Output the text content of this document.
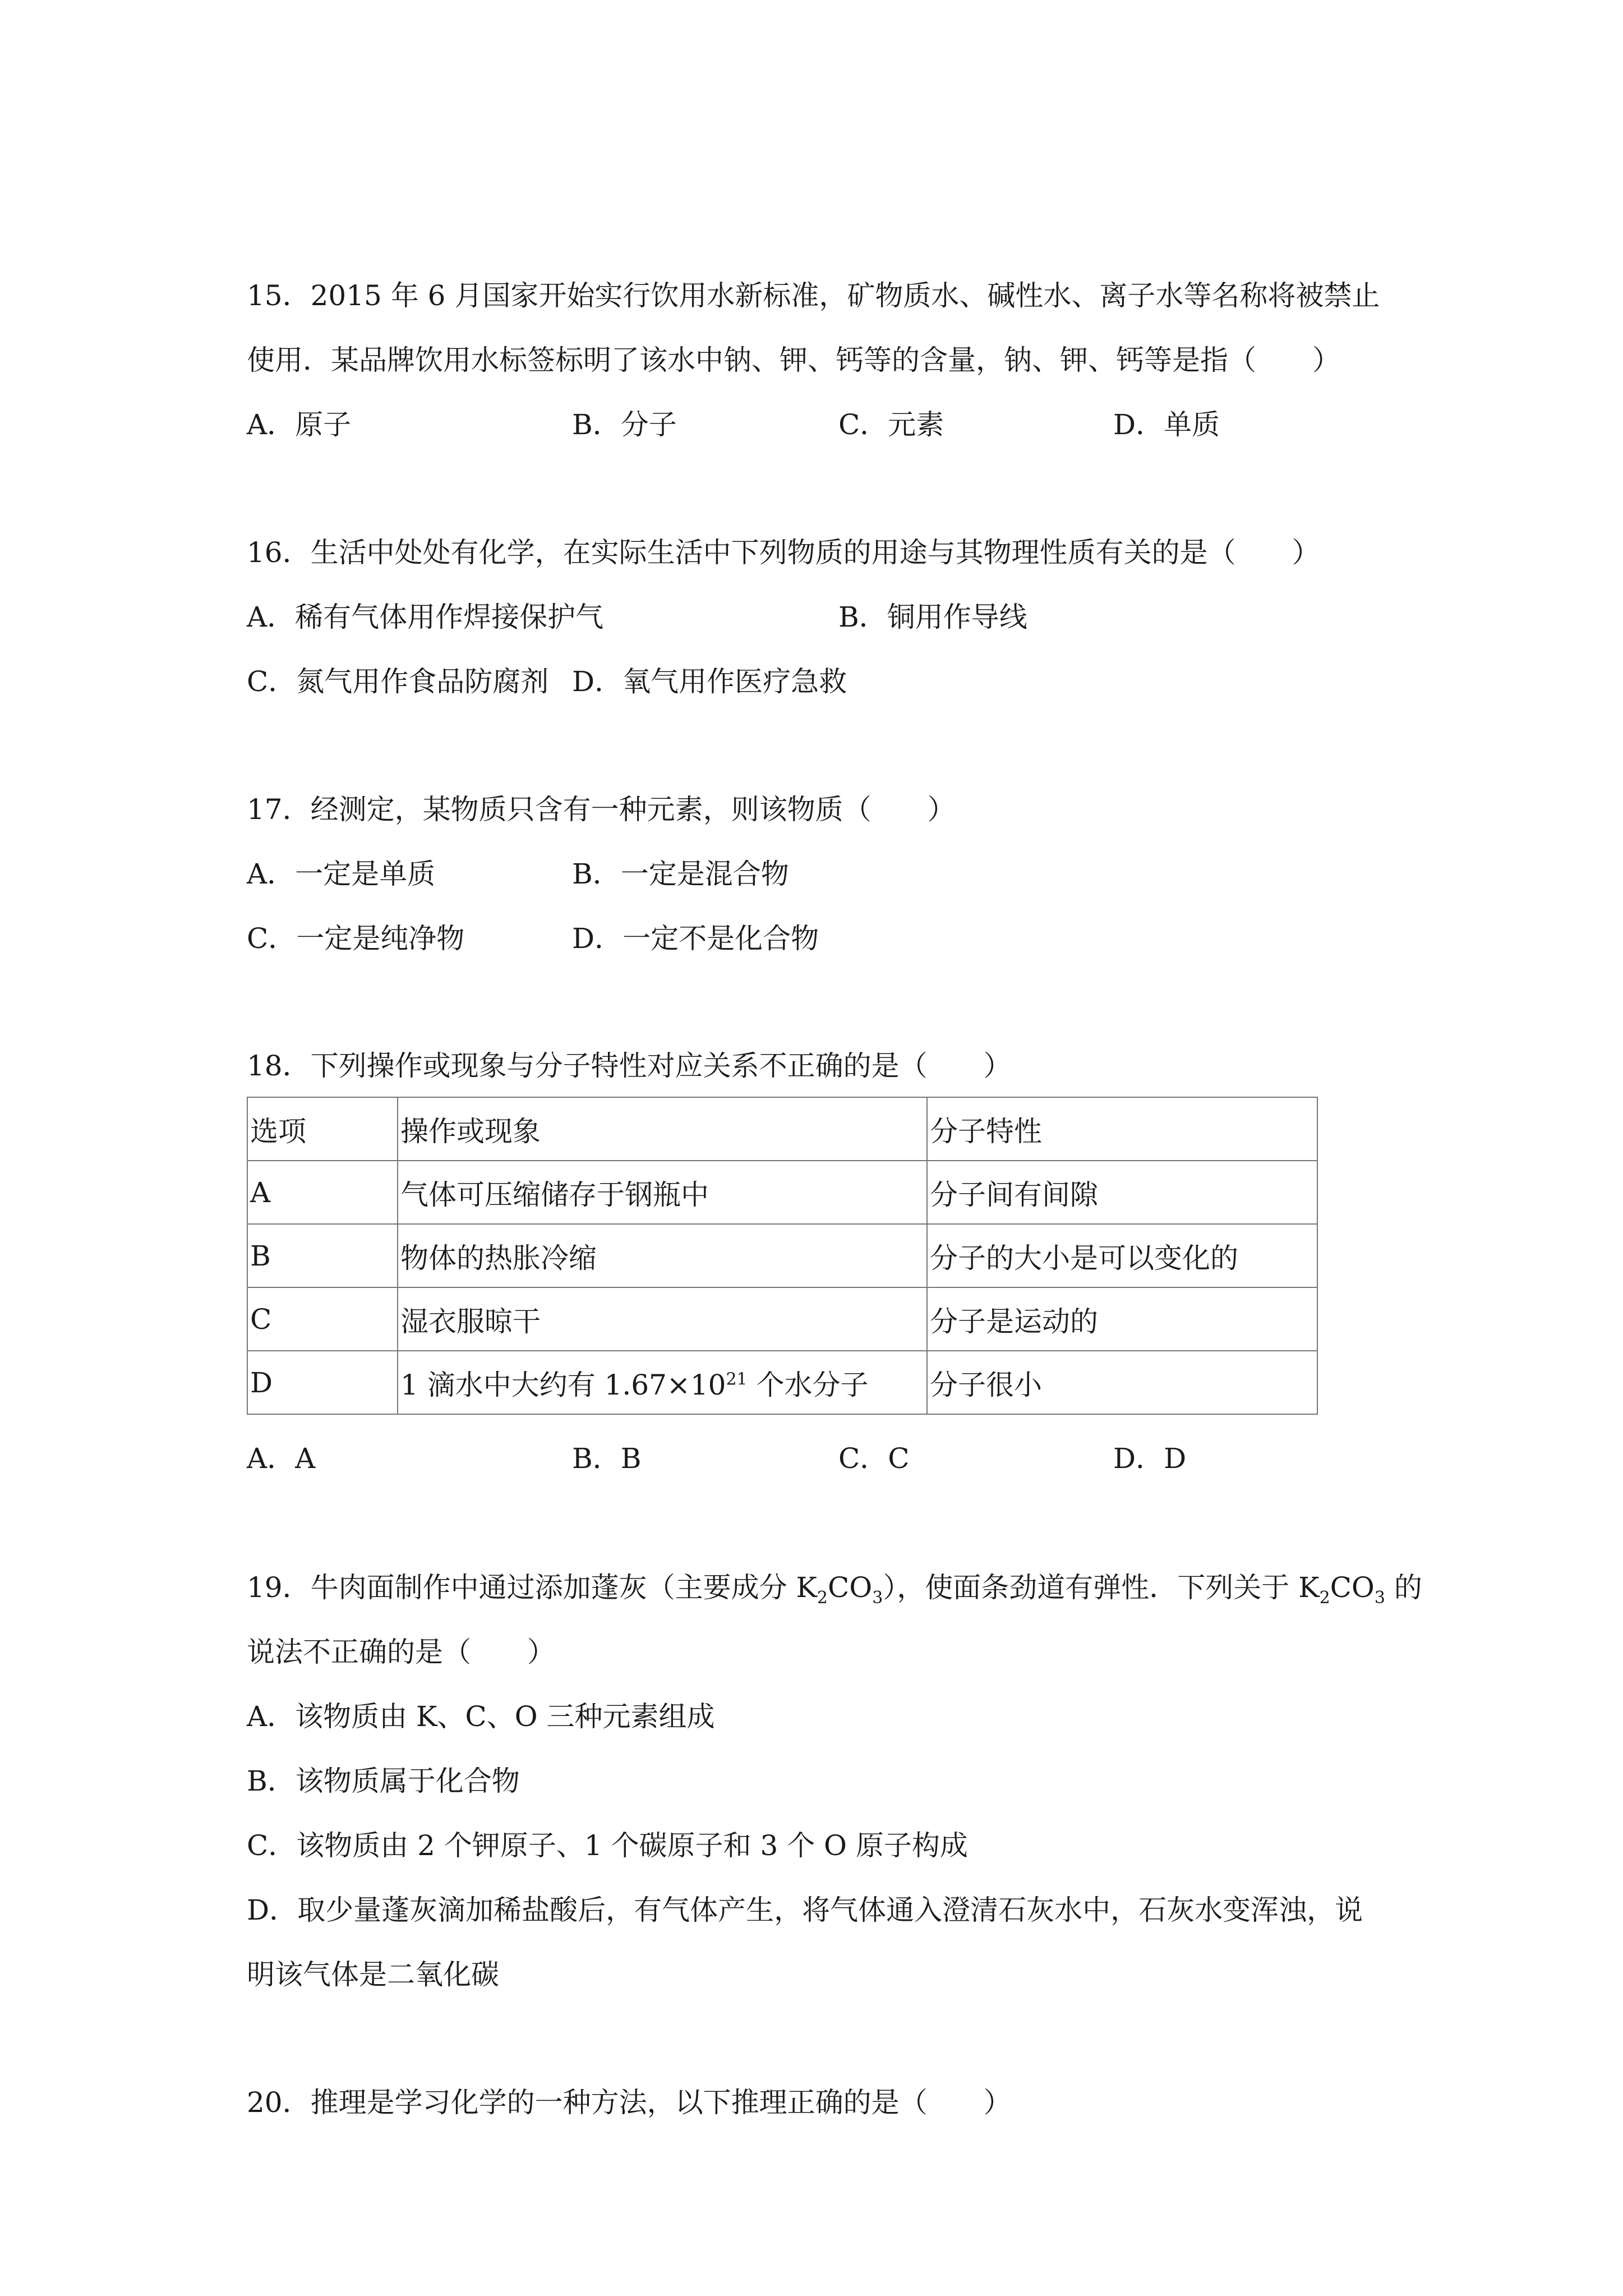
15．2015 年 6 月国家开始实行饮用水新标准，矿物质水、碱性水、离子水等名称将被禁止
使用．某品牌饮用水标签标明了该水中钠、钾、钙等的含量，钠、钾、钙等是指（　　）
A．原子	B．分子	C．元素	D．单质
16．生活中处处有化学，在实际生活中下列物质的用途与其物理性质有关的是（　　）
A．稀有气体用作焊接保护气	B．铜用作导线
C．氮气用作食品防腐剂 D．氧气用作医疗急救
17．经测定，某物质只含有一种元素，则该物质（　　）
A．一定是单质	B．一定是混合物
C．一定是纯净物	D．一定不是化合物
18．下列操作或现象与分子特性对应关系不正确的是（　　）
选项	操作或现象	分子特性
A	气体可压缩储存于钢瓶中	分子间有间隙
B	物体的热胀冷缩	分子的大小是可以变化的
C	湿衣服晾干	分子是运动的
D	1 滴水中大约有 $1.67\times 10^{21}$ 个水分子	分子很小
A．A	B．B	C．C	D．D
19．牛肉面制作中通过添加蓬灰（主要成分 $K_2CO_3$），使面条劲道有弹性．下列关于 $K_2CO_3$ 的
说法不正确的是（　　）
A．该物质由 K、C、O 三种元素组成
B．该物质属于化合物
C．该物质由 2 个钾原子、1 个碳原子和 3 个 O 原子构成
D．取少量蓬灰滴加稀盐酸后，有气体产生，将气体通入澄清石灰水中，石灰水变浑浊，说
明该气体是二氧化碳
20．推理是学习化学的一种方法，以下推理正确的是（　　）
